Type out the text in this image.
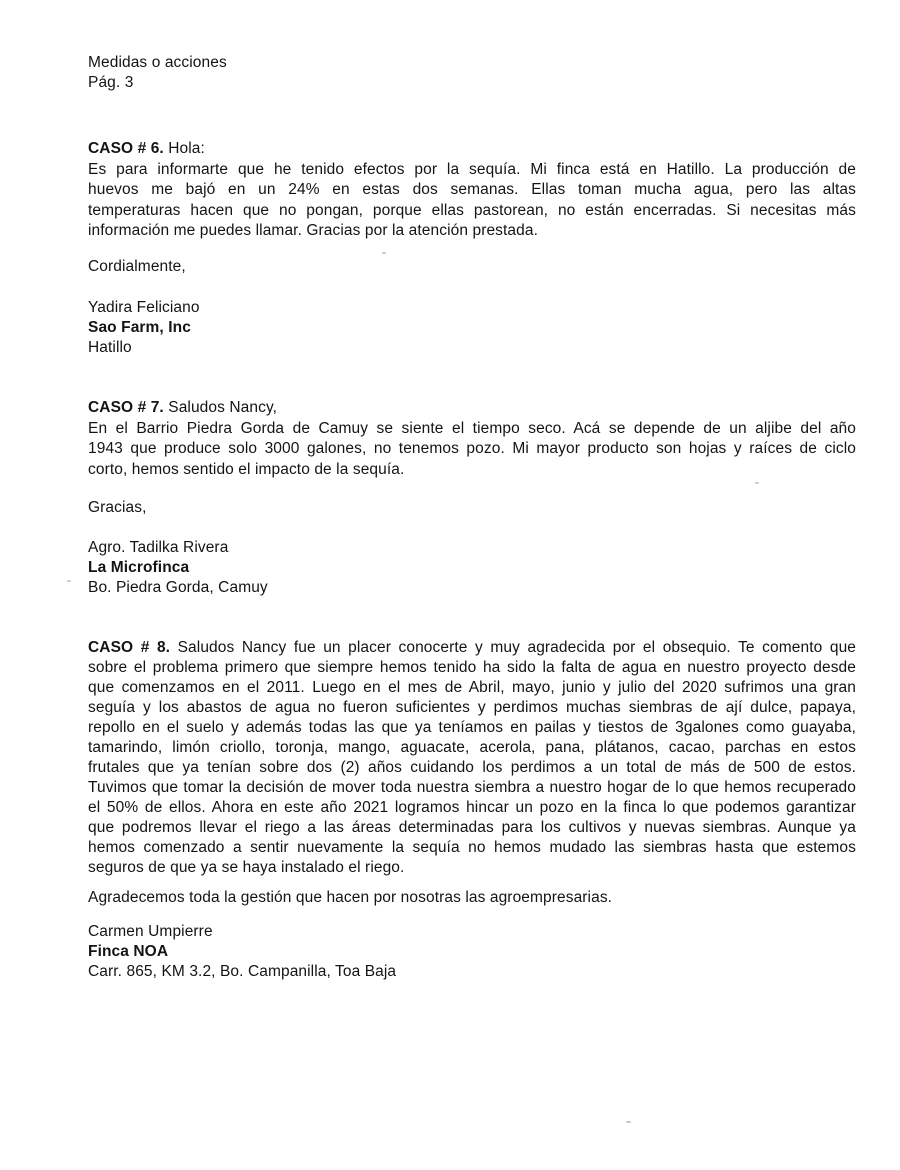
Medidas o acciones
Pág. 3
CASO # 6. Hola:
Es para informarte que he tenido efectos por la sequía. Mi finca está en Hatillo. La producción de
huevos me bajó en un 24% en estas dos semanas. Ellas toman mucha agua, pero las altas
temperaturas hacen que no pongan, porque ellas pastorean, no están encerradas. Si necesitas más
información me puedes llamar. Gracias por la atención prestada.
Cordialmente,
Yadira Feliciano
Sao Farm, Inc
Hatillo
CASO # 7. Saludos Nancy,
En el Barrio Piedra Gorda de Camuy se siente el tiempo seco. Acá se depende de un aljibe del año
1943 que produce solo 3000 galones, no tenemos pozo. Mi mayor producto son hojas y raíces de ciclo
corto, hemos sentido el impacto de la sequía.
Gracias,
Agro. Tadilka Rivera
La Microfinca
Bo. Piedra Gorda, Camuy
CASO # 8. Saludos Nancy fue un placer conocerte y muy agradecida por el obsequio. Te comento que
sobre el problema primero que siempre hemos tenido ha sido la falta de agua en nuestro proyecto desde
que comenzamos en el 2011. Luego en el mes de Abril, mayo, junio y julio del 2020 sufrimos una gran
seguía y los abastos de agua no fueron suficientes y perdimos muchas siembras de ají dulce, papaya,
repollo en el suelo y además todas las que ya teníamos en pailas y tiestos de 3galones como guayaba,
tamarindo, limón criollo, toronja, mango, aguacate, acerola, pana, plátanos, cacao, parchas en estos
frutales que ya tenían sobre dos (2) años cuidando los perdimos a un total de más de 500 de estos.
Tuvimos que tomar la decisión de mover toda nuestra siembra a nuestro hogar de lo que hemos recuperado
el 50% de ellos. Ahora en este año 2021 logramos hincar un pozo en la finca lo que podemos garantizar
que podremos llevar el riego a las áreas determinadas para los cultivos y nuevas siembras. Aunque ya
hemos comenzado a sentir nuevamente la sequía no hemos mudado las siembras hasta que estemos
seguros de que ya se haya instalado el riego.
Agradecemos toda la gestión que hacen por nosotras las agroempresarias.
Carmen Umpierre
Finca NOA
Carr. 865, KM 3.2, Bo. Campanilla, Toa Baja
